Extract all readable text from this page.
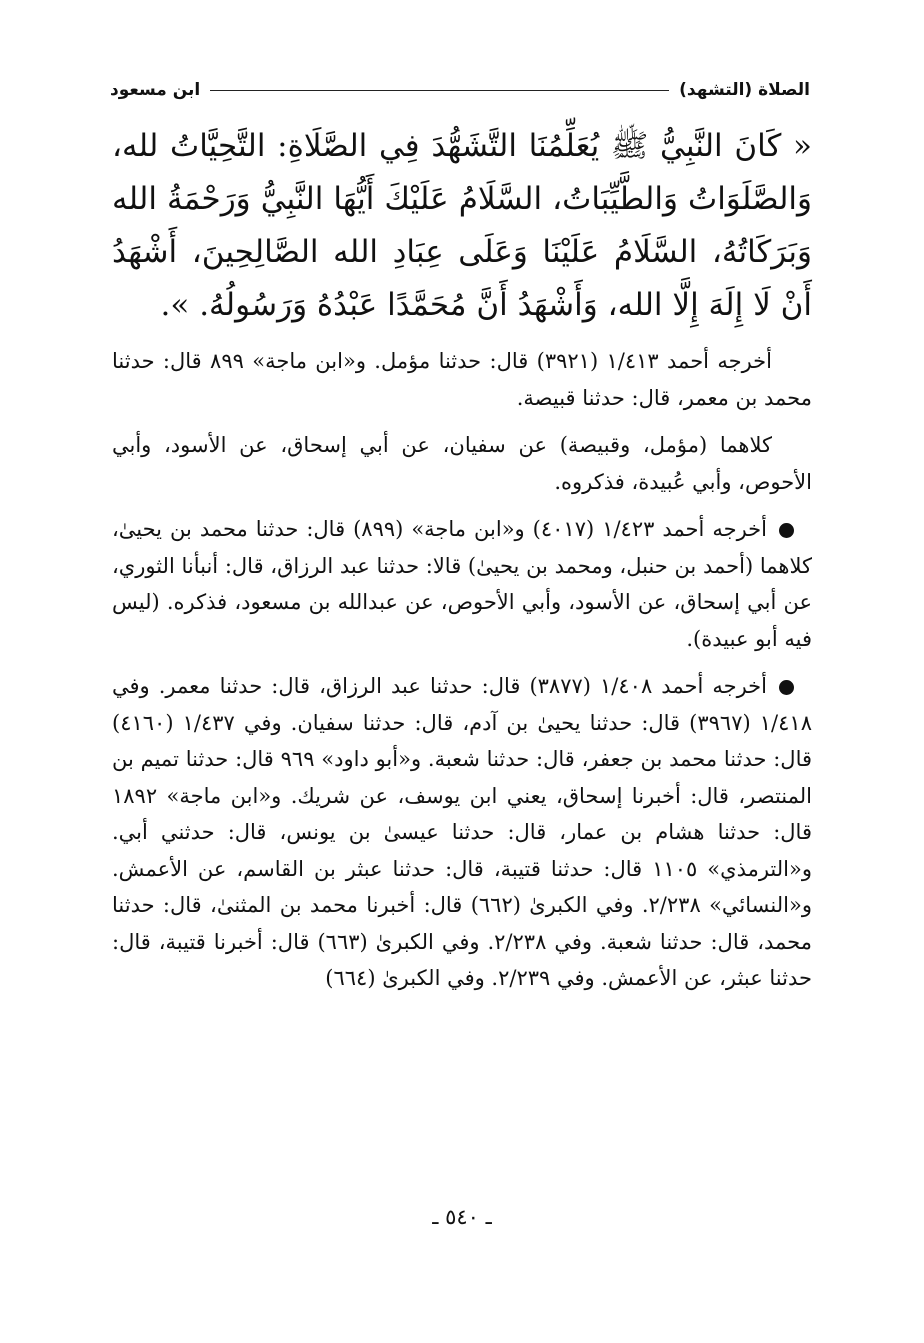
الصلاة (التشهد)
ابن مسعود

« كَانَ النَّبِيُّ ﷺ يُعَلِّمُنَا التَّشَهُّدَ فِي الصَّلَاةِ: التَّحِيَّاتُ لله، وَالصَّلَوَاتُ وَالطَّيِّبَاتُ، السَّلَامُ عَلَيْكَ أَيُّهَا النَّبِيُّ وَرَحْمَةُ الله وَبَرَكَاتُهُ، السَّلَامُ عَلَيْنَا وَعَلَى عِبَادِ الله الصَّالِحِينَ، أَشْهَدُ أَنْ لَا إِلَهَ إِلَّا الله، وَأَشْهَدُ أَنَّ مُحَمَّدًا عَبْدُهُ وَرَسُولُهُ. ».

أخرجه أحمد ١/٤١٣ (٣٩٢١) قال: حدثنا مؤمل. و«ابن ماجة» ٨٩٩ قال: حدثنا محمد بن معمر، قال: حدثنا قبيصة.

كلاهما (مؤمل، وقبيصة) عن سفيان، عن أبي إسحاق، عن الأسود، وأبي الأحوص، وأبي عُبيدة، فذكروه.

أخرجه أحمد ١/٤٢٣ (٤٠١٧) و«ابن ماجة» (٨٩٩) قال: حدثنا محمد بن يحيىٰ، كلاهما (أحمد بن حنبل، ومحمد بن يحيىٰ) قالا: حدثنا عبد الرزاق، قال: أنبأنا الثوري، عن أبي إسحاق، عن الأسود، وأبي الأحوص، عن عبدالله بن مسعود، فذكره. (ليس فيه أبو عبيدة).

أخرجه أحمد ١/٤٠٨ (٣٨٧٧) قال: حدثنا عبد الرزاق، قال: حدثنا معمر. وفي ١/٤١٨ (٣٩٦٧) قال: حدثنا يحيىٰ بن آدم، قال: حدثنا سفيان. وفي ١/٤٣٧ (٤١٦٠) قال: حدثنا محمد بن جعفر، قال: حدثنا شعبة. و«أبو داود» ٩٦٩ قال: حدثنا تميم بن المنتصر، قال: أخبرنا إسحاق، يعني ابن يوسف، عن شريك. و«ابن ماجة» ١٨٩٢ قال: حدثنا هشام بن عمار، قال: حدثنا عيسىٰ بن يونس، قال: حدثني أبي. و«الترمذي» ١١٠٥ قال: حدثنا قتيبة، قال: حدثنا عبثر بن القاسم، عن الأعمش. و«النسائي» ٢/٢٣٨. وفي الكبرىٰ (٦٦٢) قال: أخبرنا محمد بن المثنىٰ، قال: حدثنا محمد، قال: حدثنا شعبة. وفي ٢/٢٣٨. وفي الكبرىٰ (٦٦٣) قال: أخبرنا قتيبة، قال: حدثنا عبثر، عن الأعمش. وفي ٢/٢٣٩. وفي الكبرىٰ (٦٦٤)

ـ ٥٤٠ ـ
